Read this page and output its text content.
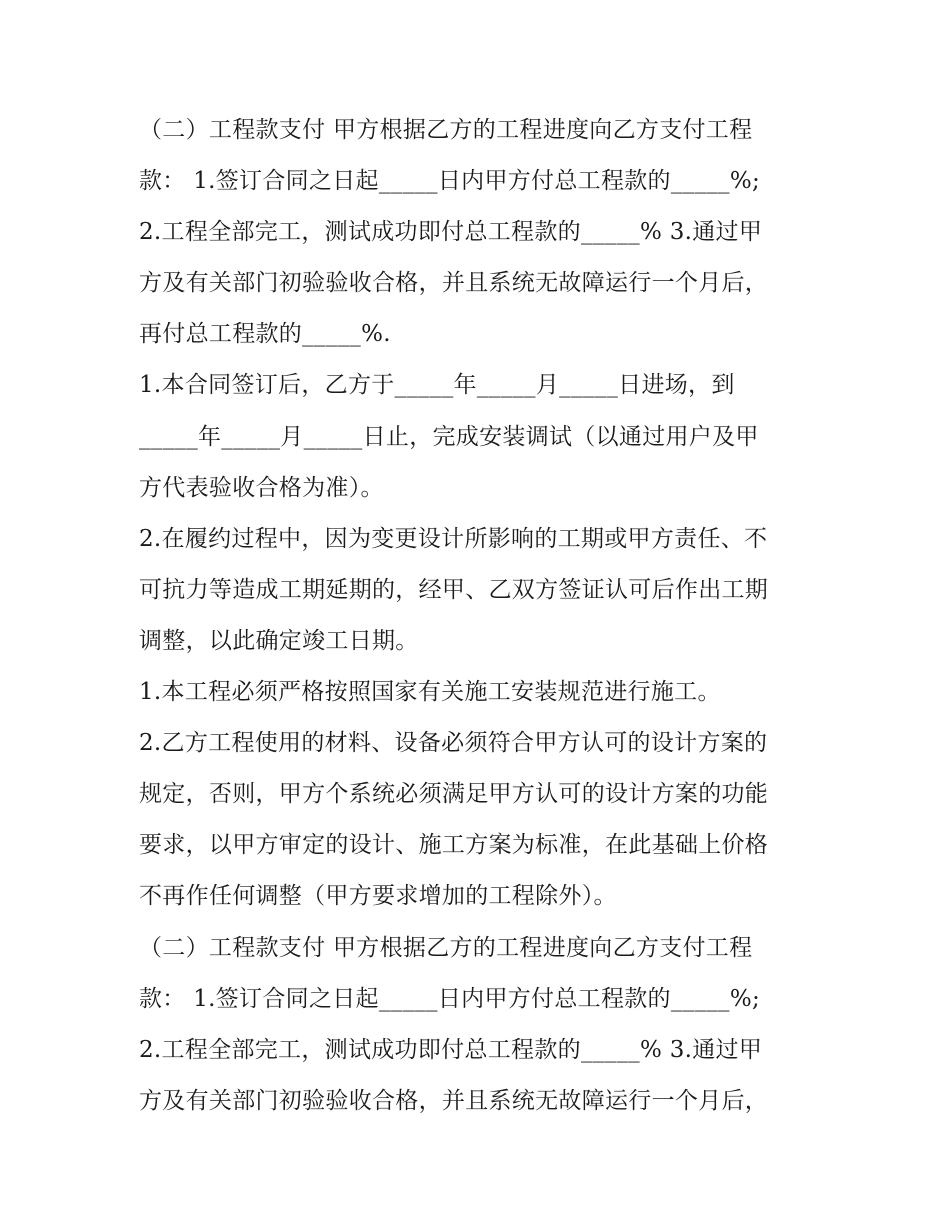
（二）工程款支付 甲方根据乙方的工程进度向乙方支付工程
款： 1.签订合同之日起_____日内甲方付总工程款的_____%;
2.工程全部完工，测试成功即付总工程款的_____% 3.通过甲
方及有关部门初验验收合格，并且系统无故障运行一个月后，
再付总工程款的_____%.
1.本合同签订后，乙方于_____年_____月_____日进场，到
_____年_____月_____日止，完成安装调试（以通过用户及甲
方代表验收合格为准）。
2.在履约过程中，因为变更设计所影响的工期或甲方责任、不
可抗力等造成工期延期的，经甲、乙双方签证认可后作出工期
调整，以此确定竣工日期。
1.本工程必须严格按照国家有关施工安装规范进行施工。
2.乙方工程使用的材料、设备必须符合甲方认可的设计方案的
规定，否则，甲方个系统必须满足甲方认可的设计方案的功能
要求，以甲方审定的设计、施工方案为标准，在此基础上价格
不再作任何调整（甲方要求增加的工程除外）。
（二）工程款支付 甲方根据乙方的工程进度向乙方支付工程
款： 1.签订合同之日起_____日内甲方付总工程款的_____%;
2.工程全部完工，测试成功即付总工程款的_____% 3.通过甲
方及有关部门初验验收合格，并且系统无故障运行一个月后，
